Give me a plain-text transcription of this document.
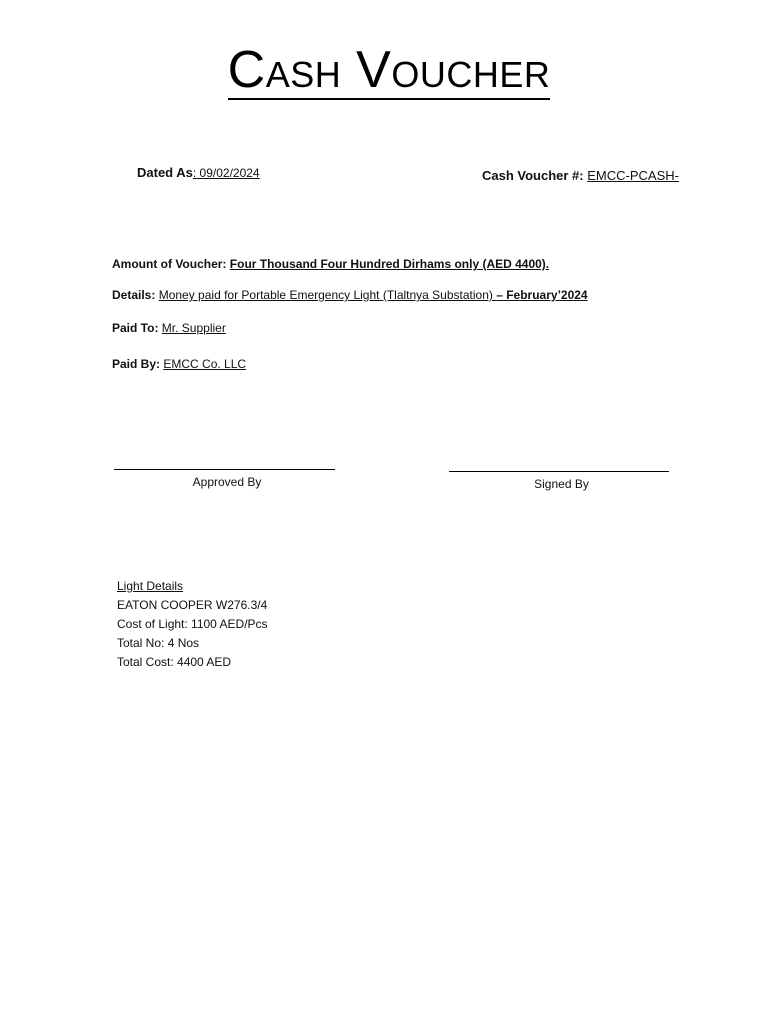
Cash Voucher
Dated As: 09/02/2024	Cash Voucher #: EMCC-PCASH-
Amount of Voucher: Four Thousand Four Hundred Dirhams only (AED 4400).
Details: Money paid for Portable Emergency Light (Tlaltnya Substation) – February’2024
Paid To: Mr. Supplier
Paid By: EMCC Co. LLC
Approved By	Signed By
Light Details
EATON COOPER W276.3/4
Cost of Light: 1100 AED/Pcs
Total No: 4 Nos
Total Cost: 4400 AED
